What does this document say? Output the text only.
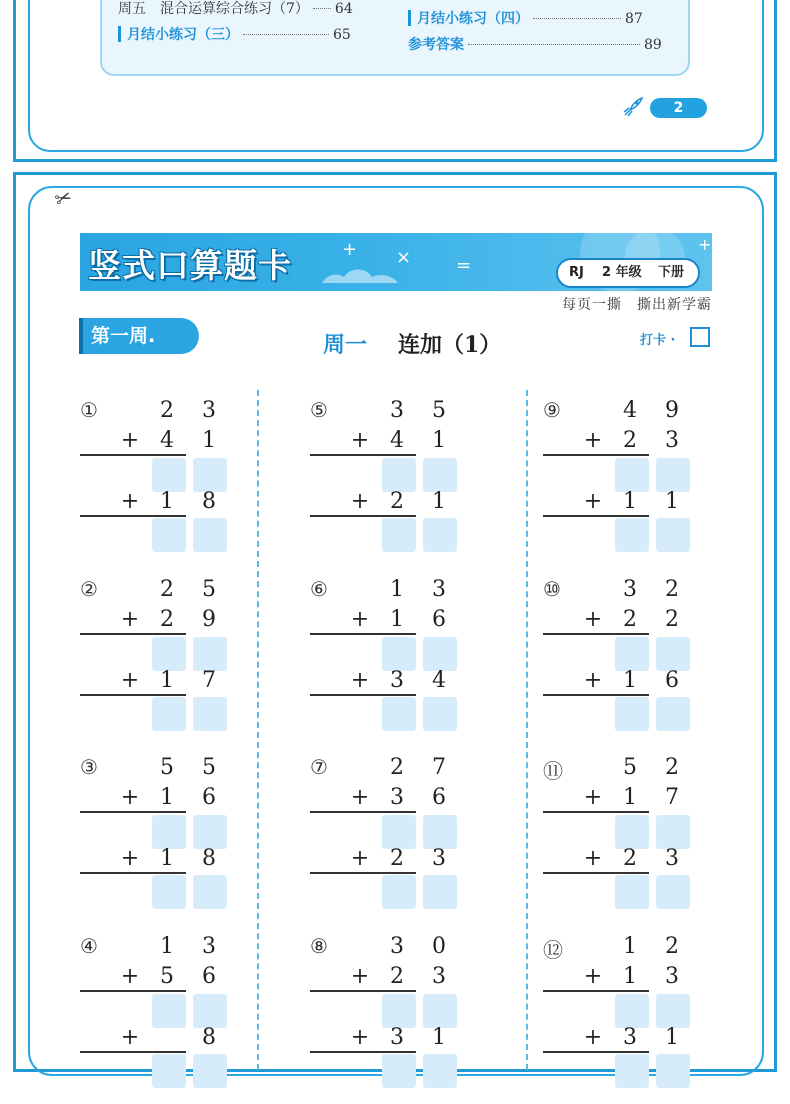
周五　混合运算综合练习（7） 64
月结小练习（三）	65
月结小练习（四）	87
参考答案	89
2
✂
+ × =
+
竖式口算题卡	RJ 2 年级 下册
每页一撕　撕出新学霸
第一周.	周一 连加（1）	打卡 ·
①	2	3
+ 4	1
+ 1	8
②	2	5
+ 2	9
+ 1	7
③	5	5
+ 1	6
+ 1	8
④	1	3
+ 5	6
+	8
⑤	3	5
+ 4	1
+ 2	1
⑥	1	3
+ 1	6
+ 3	4
⑦	2	7
+ 3	6
+ 2	3
⑧	3	0
+ 2	3
+ 3	1
⑨	4	9
+ 2	3
+ 1	1
⑩	3	2
+ 2	2
+ 1	6
⑪	5	2
+ 1	7
+ 2	3
⑫	1	2
+ 1	3
+ 3	1
